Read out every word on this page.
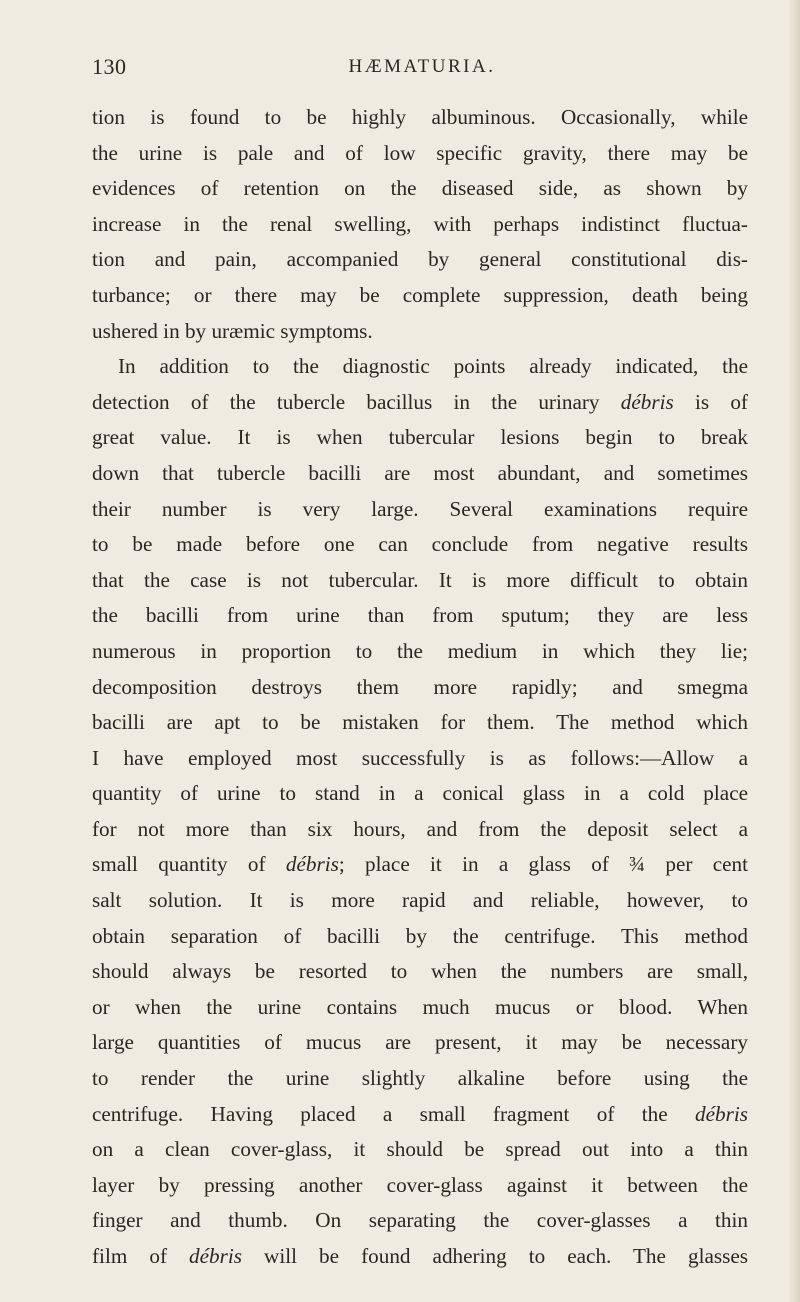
130	HÆMATURIA.
tion is found to be highly albuminous. Occasionally, while
the urine is pale and of low specific gravity, there may be
evidences of retention on the diseased side, as shown by
increase in the renal swelling, with perhaps indistinct fluctua-
tion and pain, accompanied by general constitutional dis-
turbance; or there may be complete suppression, death being
ushered in by uræmic symptoms.
In addition to the diagnostic points already indicated, the
detection of the tubercle bacillus in the urinary débris is of
great value. It is when tubercular lesions begin to break
down that tubercle bacilli are most abundant, and sometimes
their number is very large. Several examinations require
to be made before one can conclude from negative results
that the case is not tubercular. It is more difficult to obtain
the bacilli from urine than from sputum; they are less
numerous in proportion to the medium in which they lie;
decomposition destroys them more rapidly; and smegma
bacilli are apt to be mistaken for them. The method which
I have employed most successfully is as follows:—Allow a
quantity of urine to stand in a conical glass in a cold place
for not more than six hours, and from the deposit select a
small quantity of débris; place it in a glass of ¾ per cent
salt solution. It is more rapid and reliable, however, to
obtain separation of bacilli by the centrifuge. This method
should always be resorted to when the numbers are small,
or when the urine contains much mucus or blood. When
large quantities of mucus are present, it may be necessary
to render the urine slightly alkaline before using the
centrifuge. Having placed a small fragment of the débris
on a clean cover-glass, it should be spread out into a thin
layer by pressing another cover-glass against it between the
finger and thumb. On separating the cover-glasses a thin
film of débris will be found adhering to each. The glasses
